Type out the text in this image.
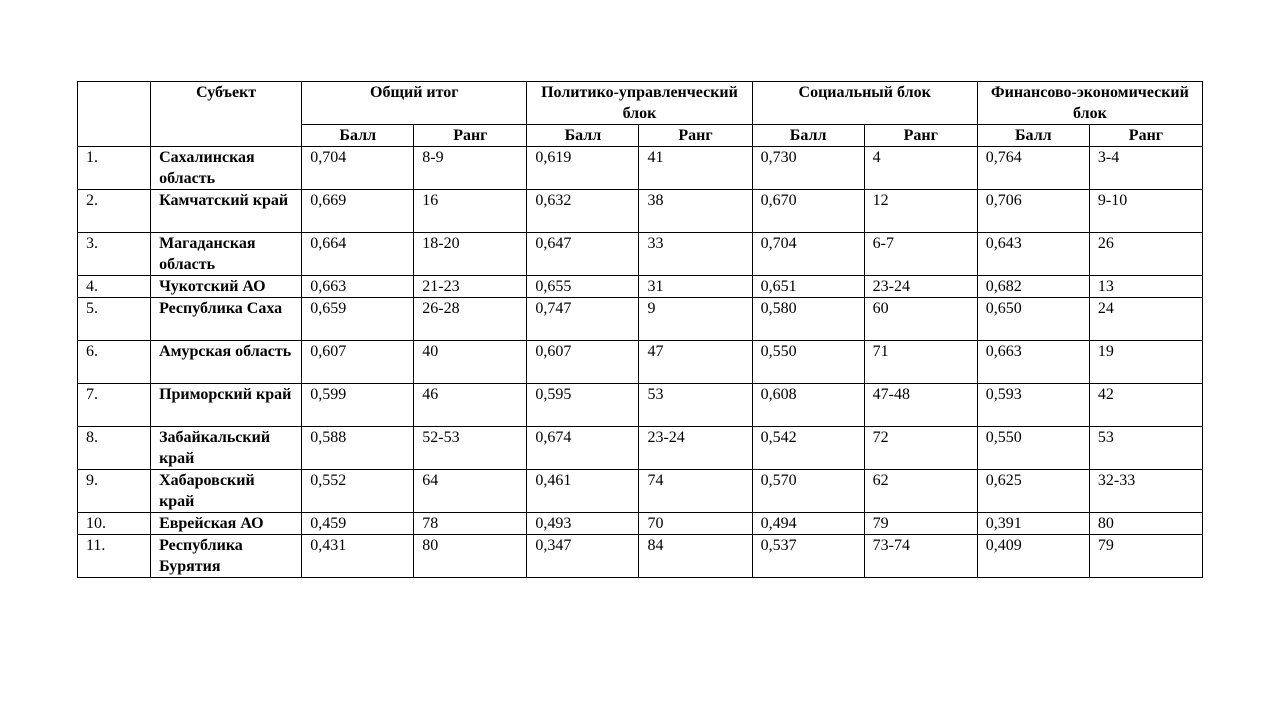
	Субъект	Общий итог		Политико-управленческий блок		Социальный блок		Финансово-экономический блок	
		Балл	Ранг	Балл	Ранг	Балл	Ранг	Балл	Ранг
1.	Сахалинская область	0,704	8-9	0,619	41	0,730	4	0,764	3-4
2.	Камчатский край	0,669	16	0,632	38	0,670	12	0,706	9-10
3.	Магаданская область	0,664	18-20	0,647	33	0,704	6-7	0,643	26
4.	Чукотский АО	0,663	21-23	0,655	31	0,651	23-24	0,682	13
5.	Республика Саха	0,659	26-28	0,747	9	0,580	60	0,650	24
6.	Амурская область	0,607	40	0,607	47	0,550	71	0,663	19
7.	Приморский край	0,599	46	0,595	53	0,608	47-48	0,593	42
8.	Забайкальский край	0,588	52-53	0,674	23-24	0,542	72	0,550	53
9.	Хабаровский край	0,552	64	0,461	74	0,570	62	0,625	32-33
10.	Еврейская АО	0,459	78	0,493	70	0,494	79	0,391	80
11.	Республика Бурятия	0,431	80	0,347	84	0,537	73-74	0,409	79
